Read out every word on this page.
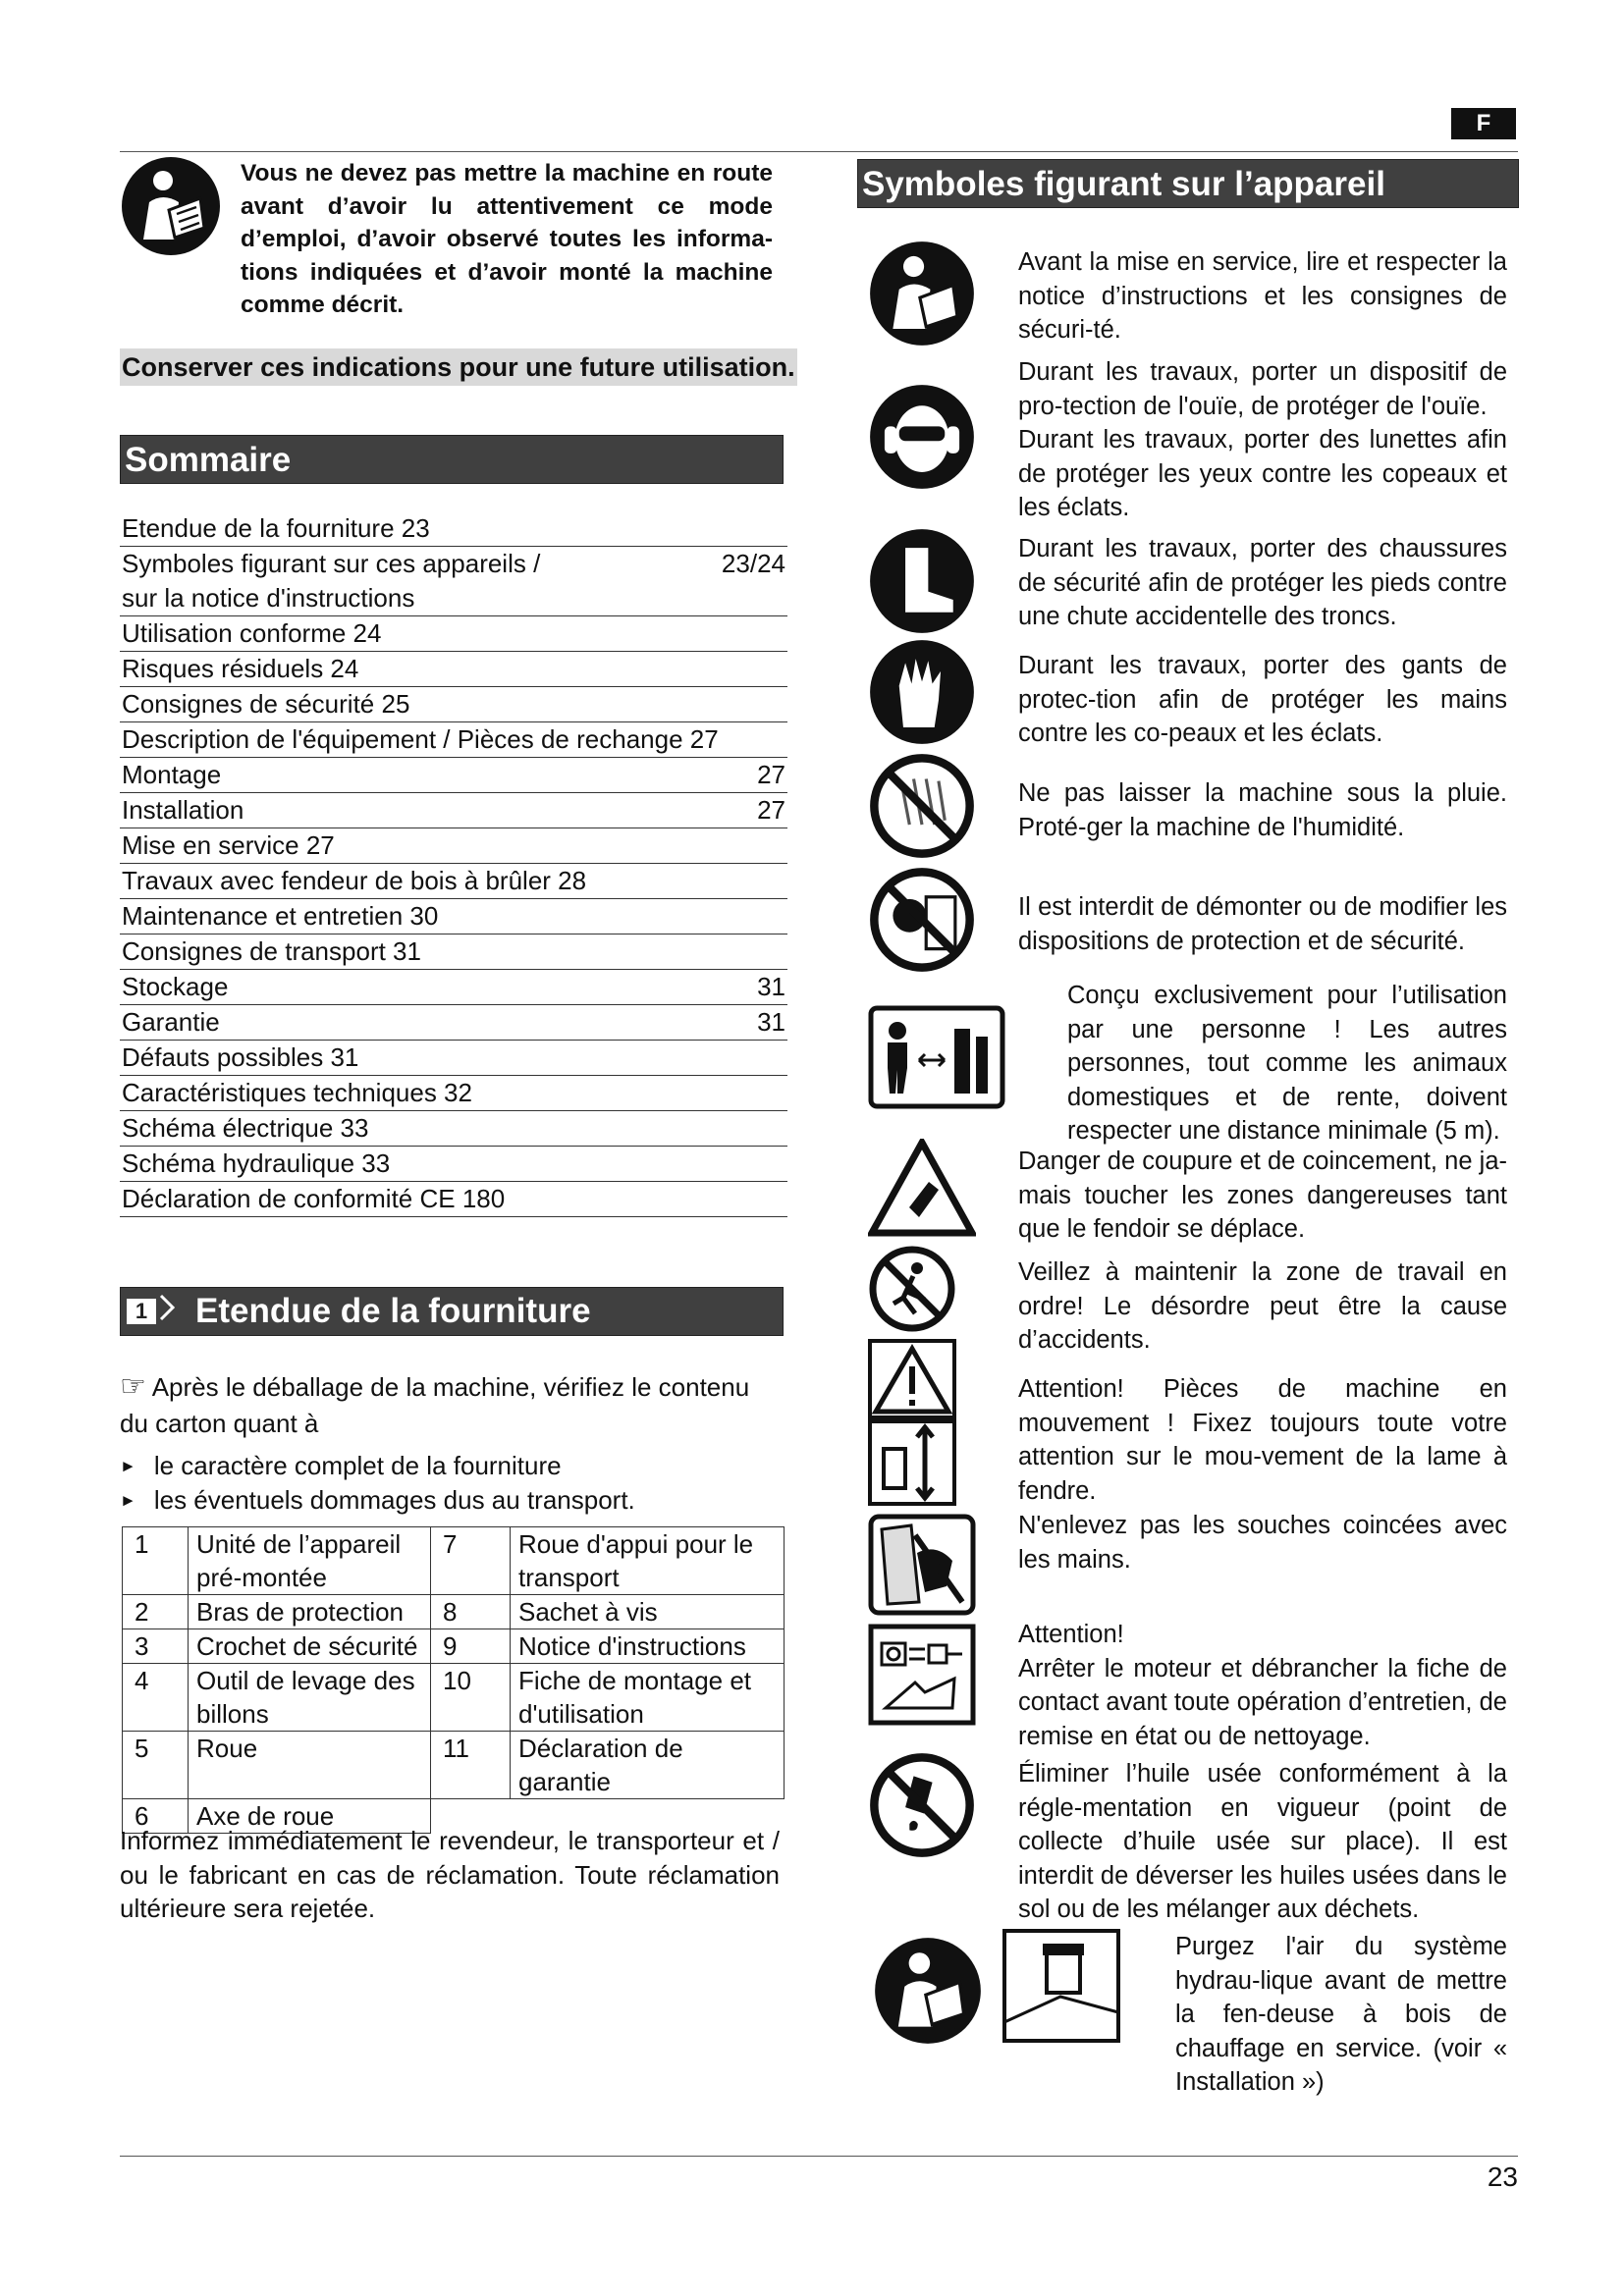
F
Vous ne devez pas mettre la machine en route avant d’avoir lu attentivement ce mode d’emploi, d’avoir observé toutes les informa-tions indiquées et d’avoir monté la machine comme décrit.
Conserver ces indications pour une future utilisation.
Sommaire
Etendue de la fourniture 23
Symboles figurant sur ces appareils /
sur la notice d'instructions
23/24
Utilisation conforme 24
Risques résiduels 24
Consignes de sécurité 25
Description de l'équipement / Pièces de rechange 27
Montage	27
Installation	27
Mise en service 27
Travaux avec fendeur de bois à brûler 28
Maintenance et entretien 30
Consignes de transport 31
Stockage	31
Garantie	31
Défauts possibles 31
Caractéristiques techniques 32
Schéma électrique 33
Schéma hydraulique 33
Déclaration de conformité CE 180
1 Etendue de la fourniture
☞ Après le déballage de la machine, vérifiez le contenu du carton quant à
► le caractère complet de la fourniture
► les éventuels dommages dus au transport.
1	Unité de l’appareil pré-montée	7	Roue d'appui pour le transport
2	Bras de protection	8	Sachet à vis
3	Crochet de sécurité	9	Notice d'instructions
4	Outil de levage des billons	10	Fiche de montage et d'utilisation
5	Roue	11	Déclaration de garantie
6	Axe de roue		
Informez immédiatement le revendeur, le transporteur et / ou le fabricant en cas de réclamation. Toute réclamation ultérieure sera rejetée.
Symboles figurant sur l’appareil
Avant la mise en service, lire et respecter la notice d’instructions et les consignes de sécuri-té.
Durant les travaux, porter un dispositif de pro-tection de l'ouïe, de protéger de l'ouïe.
Durant les travaux, porter des lunettes afin de protéger les yeux contre les copeaux et les éclats.
Durant les travaux, porter des chaussures de sécurité afin de protéger les pieds contre une chute accidentelle des troncs.
Durant les travaux, porter des gants de protec-tion afin de protéger les mains contre les co-peaux et les éclats.
Ne pas laisser la machine sous la pluie. Proté-ger la machine de l'humidité.
Il est interdit de démonter ou de modifier les dispositions de protection et de sécurité.
Conçu exclusivement pour l’utilisation par une personne ! Les autres personnes, tout comme les animaux domestiques et de rente, doivent respecter une distance minimale (5 m).
Danger de coupure et de coincement, ne ja-mais toucher les zones dangereuses tant que le fendoir se déplace.
Veillez à maintenir la zone de travail en ordre! Le désordre peut être la cause d’accidents.
Attention! Pièces de machine en mouvement ! Fixez toujours toute votre attention sur le mou-vement de la lame à fendre.
N'enlevez pas les souches coincées avec les mains.
Attention!
Arrêter le moteur et débrancher la fiche de contact avant toute opération d’entretien, de remise en état ou de nettoyage.
Éliminer l’huile usée conformément à la régle-mentation en vigueur (point de collecte d’huile usée sur place). Il est interdit de déverser les huiles usées dans le sol ou de les mélanger aux déchets.
Purgez l'air du système hydrau-lique avant de mettre la fen-deuse à bois de chauffage en service. (voir « Installation »)
23
